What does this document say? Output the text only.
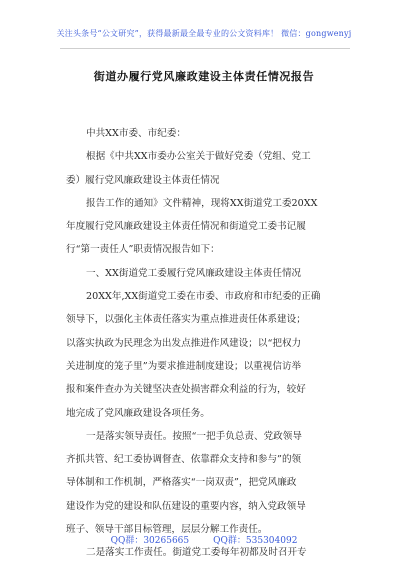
关注头条号“公文研究”，获得最新最全最专业的公文资料库！ 微信：gongwenyj
街道办履行党风廉政建设主体责任情况报告
中共XX市委、市纪委：
根据《中共XX市委办公室关于做好党委（党组、党工
委）履行党风廉政建设主体责任情况
报告工作的通知》文件精神，现将XX街道党工委20XX
年度履行党风廉政建设主体责任情况和街道党工委书记履
行“第一责任人”职责情况报告如下：
一、XX街道党工委履行党风廉政建设主体责任情况
20XX年,XX街道党工委在市委、市政府和市纪委的正确
领导下，以强化主体责任落实为重点推进责任体系建设；
以落实执政为民理念为出发点推进作风建设；以“把权力
关进制度的笼子里”为要求推进制度建设；以重视信访举
报和案件查办为关键坚决查处损害群众利益的行为，较好
地完成了党风廉政建设各项任务。
一是落实领导责任。按照“一把手负总责、党政领导
齐抓共管、纪工委协调督查、依靠群众支持和参与”的领
导体制和工作机制，严格落实“一岗双责”，把党风廉政
建设作为党的建设和队伍建设的重要内容，纳入党政领导
班子、领导干部目标管理，层层分解工作责任。
二是落实工作责任。街道党工委每年初都及时召开专
QQ群：30265665	QQ群：535304092
